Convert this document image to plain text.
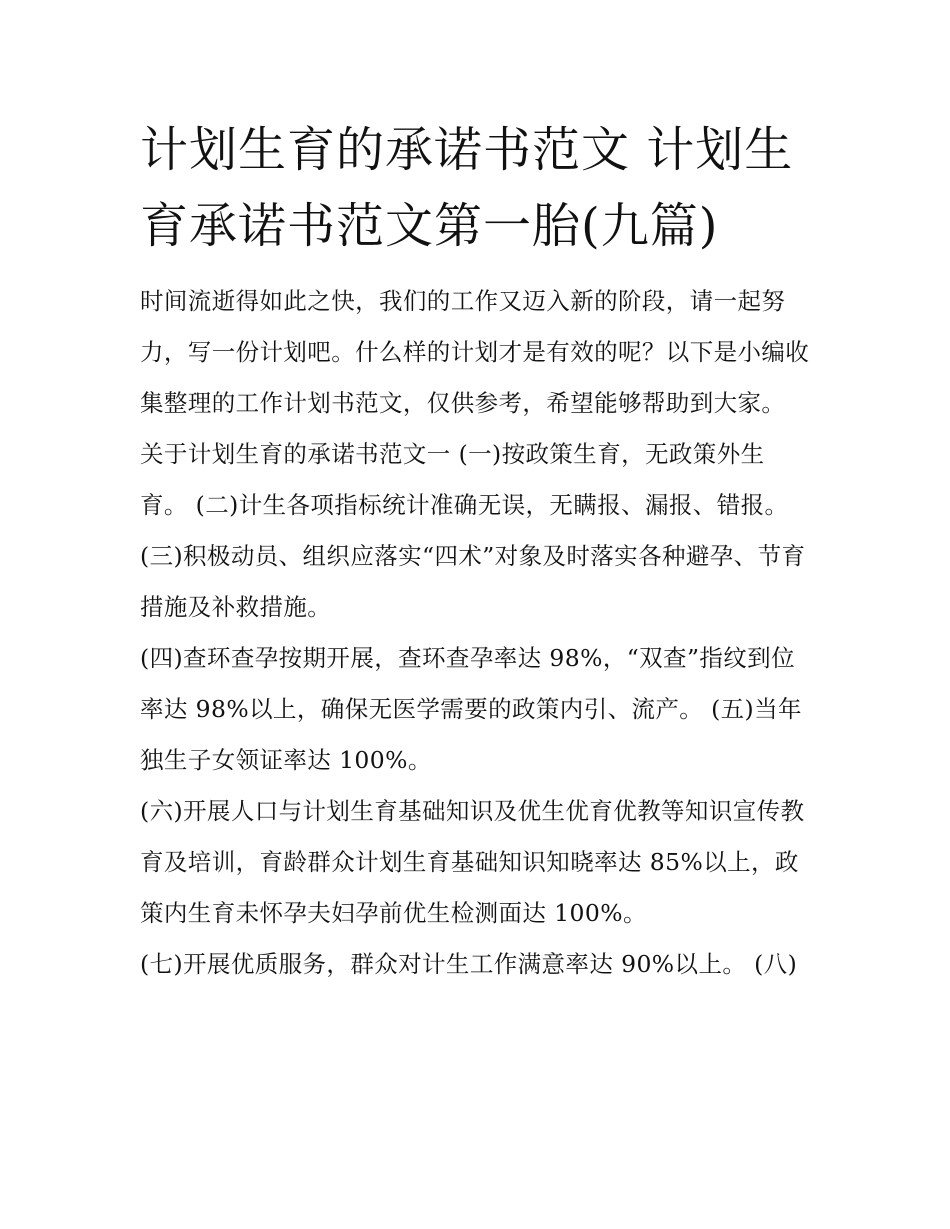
计划生育的承诺书范文 计划生育承诺书范文第一胎(九篇)

时间流逝得如此之快，我们的工作又迈入新的阶段，请一起努力，写一份计划吧。什么样的计划才是有效的呢？以下是小编收集整理的工作计划书范文，仅供参考，希望能够帮助到大家。

关于计划生育的承诺书范文一 (一)按政策生育，无政策外生育。 (二)计生各项指标统计准确无误，无瞒报、漏报、错报。

(三)积极动员、组织应落实“四术”对象及时落实各种避孕、节育措施及补救措施。

(四)查环查孕按期开展，查环查孕率达 98%，“双查”指纹到位率达 98%以上，确保无医学需要的政策内引、流产。 (五)当年独生子女领证率达 100%。

(六)开展人口与计划生育基础知识及优生优育优教等知识宣传教育及培训，育龄群众计划生育基础知识知晓率达 85%以上，政策内生育未怀孕夫妇孕前优生检测面达 100%。

(七)开展优质服务，群众对计生工作满意率达 90%以上。 (八)
